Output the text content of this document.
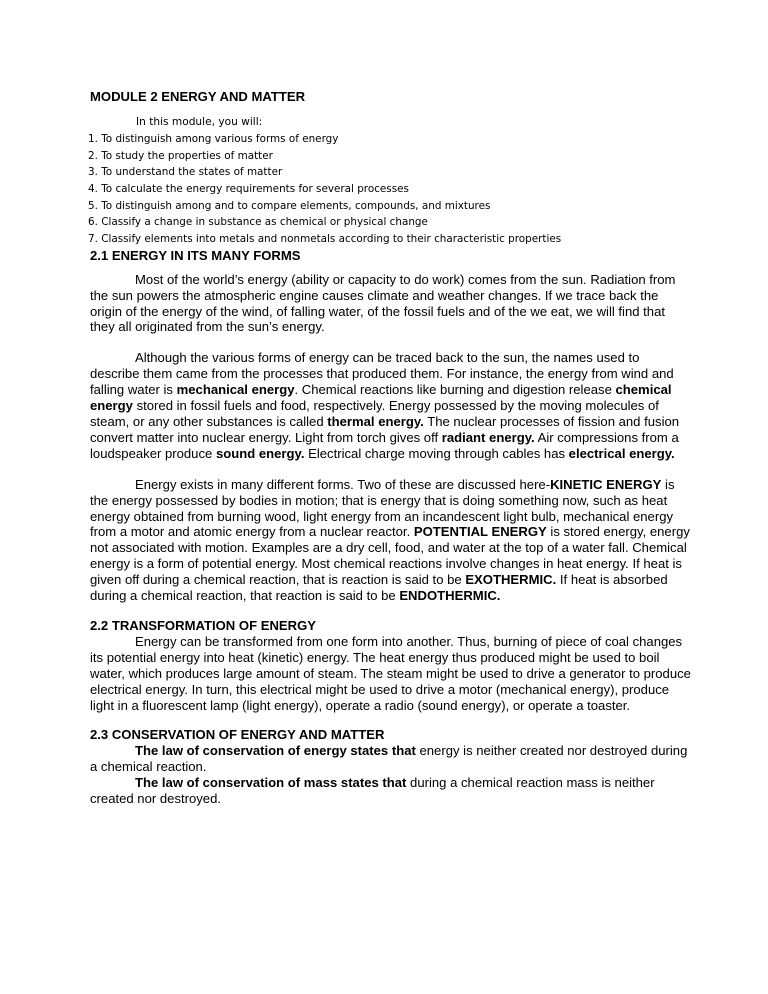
MODULE 2 ENERGY AND MATTER
In this module, you will:
1. To distinguish among various forms of energy
2. To study the properties of matter
3. To understand the states of matter
4. To calculate the energy requirements for several processes
5. To distinguish among and to compare elements, compounds, and mixtures
6. Classify a change in substance as chemical or physical change
7. Classify elements into metals and nonmetals according to their characteristic properties
2.1 ENERGY IN ITS MANY FORMS
Most of the world’s energy (ability or capacity to do work) comes from the sun. Radiation from the sun powers the atmospheric engine causes climate and weather changes. If we trace back the origin of the energy of the wind, of falling water, of the fossil fuels and of the we eat, we will find that they all originated from the sun’s energy.
Although the various forms of energy can be traced back to the sun, the names used to describe them came from the processes that produced them. For instance, the energy from wind and falling water is mechanical energy. Chemical reactions like burning and digestion release chemical energy stored in fossil fuels and food, respectively. Energy possessed by the moving molecules of steam, or any other substances is called thermal energy. The nuclear processes of fission and fusion convert matter into nuclear energy. Light from torch gives off radiant energy. Air compressions from a loudspeaker produce sound energy. Electrical charge moving through cables has electrical energy.
Energy exists in many different forms. Two of these are discussed here-KINETIC ENERGY is the energy possessed by bodies in motion; that is energy that is doing something now, such as heat energy obtained from burning wood, light energy from an incandescent light bulb, mechanical energy from a motor and atomic energy from a nuclear reactor. POTENTIAL ENERGY is stored energy, energy not associated with motion. Examples are a dry cell, food, and water at the top of a water fall. Chemical energy is a form of potential energy. Most chemical reactions involve changes in heat energy. If heat is given off during a chemical reaction, that is reaction is said to be EXOTHERMIC. If heat is absorbed during a chemical reaction, that reaction is said to be ENDOTHERMIC.
2.2 TRANSFORMATION OF ENERGY
Energy can be transformed from one form into another. Thus, burning of piece of coal changes its potential energy into heat (kinetic) energy. The heat energy thus produced might be used to boil water, which produces large amount of steam. The steam might be used to drive a generator to produce electrical energy. In turn, this electrical might be used to drive a motor (mechanical energy), produce light in a fluorescent lamp (light energy), operate a radio (sound energy), or operate a toaster.
2.3 CONSERVATION OF ENERGY AND MATTER
The law of conservation of energy states that energy is neither created nor destroyed during a chemical reaction.
The law of conservation of mass states that during a chemical reaction mass is neither created nor destroyed.
